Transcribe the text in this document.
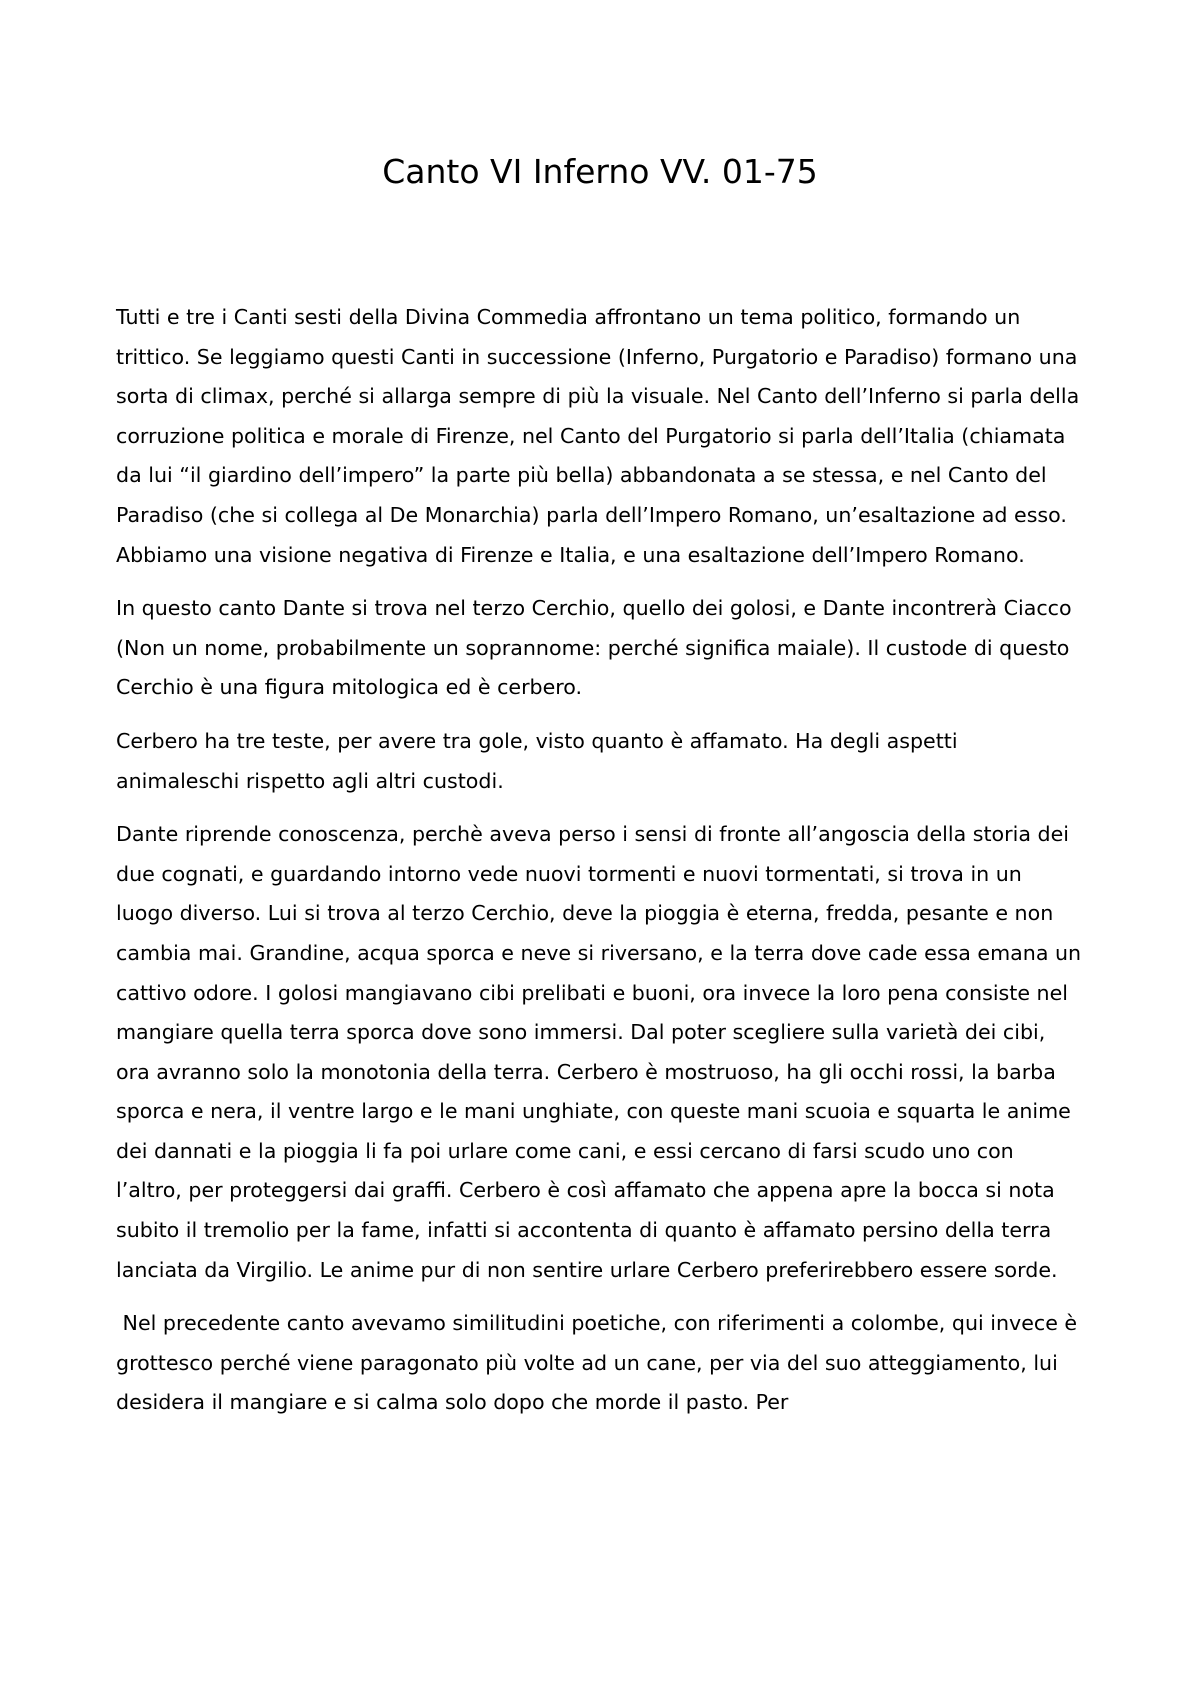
Canto VI Inferno VV. 01-75

Tutti e tre i Canti sesti della Divina Commedia affrontano un tema politico, formando un trittico. Se leggiamo questi Canti in successione (Inferno, Purgatorio e Paradiso) formano una sorta di climax, perché si allarga sempre di più la visuale. Nel Canto dell’Inferno si parla della corruzione politica e morale di Firenze, nel Canto del Purgatorio si parla dell’Italia (chiamata da lui “il giardino dell’impero” la parte più bella) abbandonata a se stessa, e nel Canto del Paradiso (che si collega al De Monarchia) parla dell’Impero Romano, un’esaltazione ad esso. Abbiamo una visione negativa di Firenze e Italia, e una esaltazione dell’Impero Romano.

In questo canto Dante si trova nel terzo Cerchio, quello dei golosi, e Dante incontrerà Ciacco (Non un nome, probabilmente un soprannome: perché significa maiale). Il custode di questo Cerchio è una figura mitologica ed è cerbero.

Cerbero ha tre teste, per avere tra gole, visto quanto è affamato. Ha degli aspetti animaleschi rispetto agli altri custodi.

Dante riprende conoscenza, perchè aveva perso i sensi di fronte all’angoscia della storia dei due cognati, e guardando intorno vede nuovi tormenti e nuovi tormentati, si trova in un luogo diverso. Lui si trova al terzo Cerchio, deve la pioggia è eterna, fredda, pesante e non cambia mai. Grandine, acqua sporca e neve si riversano, e la terra dove cade essa emana un cattivo odore. I golosi mangiavano cibi prelibati e buoni, ora invece la loro pena consiste nel mangiare quella terra sporca dove sono immersi. Dal poter scegliere sulla varietà dei cibi, ora avranno solo la monotonia della terra. Cerbero è mostruoso, ha gli occhi rossi, la barba sporca e nera, il ventre largo e le mani unghiate, con queste mani scuoia e squarta le anime dei dannati e la pioggia li fa poi urlare come cani, e essi cercano di farsi scudo uno con l’altro, per proteggersi dai graffi. Cerbero è così affamato che appena apre la bocca si nota subito il tremolio per la fame, infatti si accontenta di quanto è affamato persino della terra lanciata da Virgilio. Le anime pur di non sentire urlare Cerbero preferirebbero essere sorde.

Nel precedente canto avevamo similitudini poetiche, con riferimenti a colombe, qui invece è grottesco perché viene paragonato più volte ad un cane, per via del suo atteggiamento, lui desidera il mangiare e si calma solo dopo che morde il pasto. Per
